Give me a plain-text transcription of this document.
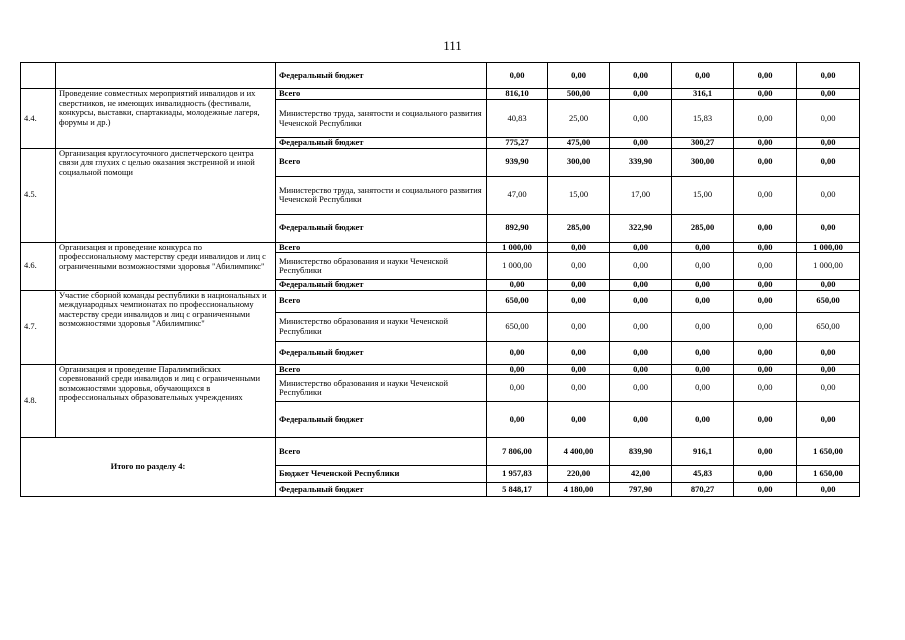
111
		Федеральный бюджет	0,00	0,00	0,00	0,00	0,00	0,00
4.4.	Проведение совместных мероприятий инвалидов и их сверстников, не имеющих инвалидность (фестивали, конкурсы, выставки, спартакиады, молодежные лагеря, форумы и др.)	Всего	816,10	500,00	0,00	316,1	0,00	0,00
		Министерство труда, занятости и социального развития Чеченской Республики	40,83	25,00	0,00	15,83	0,00	0,00
		Федеральный бюджет	775,27	475,00	0,00	300,27	0,00	0,00
4.5.	Организация круглосуточного диспетчерского центра связи для глухих с целью оказания экстренной и иной социальной помощи	Всего	939,90	300,00	339,90	300,00	0,00	0,00
		Министерство труда, занятости и социального развития Чеченской Республики	47,00	15,00	17,00	15,00	0,00	0,00
		Федеральный бюджет	892,90	285,00	322,90	285,00	0,00	0,00
4.6.	Организация и проведение конкурса по профессиональному мастерству среди инвалидов и лиц с ограниченными возможностями здоровья "Абилимпикс"	Всего	1 000,00	0,00	0,00	0,00	0,00	1 000,00
		Министерство образования и науки Чеченской Республики	1 000,00	0,00	0,00	0,00	0,00	1 000,00
		Федеральный бюджет	0,00	0,00	0,00	0,00	0,00	0,00
4.7.	Участие сборной команды республики в национальных и международных чемпионатах по профессиональному мастерству среди инвалидов и лиц с ограниченными возможностями здоровья "Абилимпикс"	Всего	650,00	0,00	0,00	0,00	0,00	650,00
		Министерство образования и науки Чеченской Республики	650,00	0,00	0,00	0,00	0,00	650,00
		Федеральный бюджет	0,00	0,00	0,00	0,00	0,00	0,00
4.8.	Организация и проведение Паралимпийских соревнований среди инвалидов и лиц с ограниченными возможностями здоровья, обучающихся в профессиональных образовательных учреждениях	Всего	0,00	0,00	0,00	0,00	0,00	0,00
		Министерство образования и науки Чеченской Республики	0,00	0,00	0,00	0,00	0,00	0,00
		Федеральный бюджет	0,00	0,00	0,00	0,00	0,00	0,00
Итого по разделу 4:		Всего	7 806,00	4 400,00	839,90	916,1	0,00	1 650,00
		Бюджет Чеченской Республики	1 957,83	220,00	42,00	45,83	0,00	1 650,00
		Федеральный бюджет	5 848,17	4 180,00	797,90	870,27	0,00	0,00
